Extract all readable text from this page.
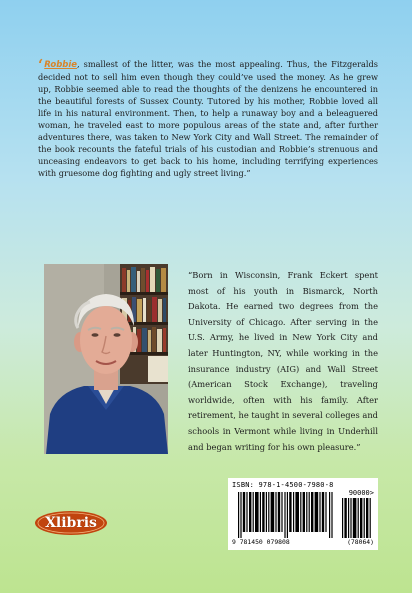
‘Robbie, smallest of the litter, was the most appealing. Thus, the Fitzgeralds decided not to sell him even though they could’ve used the money. As he grew up, Robbie seemed able to read the thoughts of the denizens he encountered in the beautiful forests of Sussex County. Tutored by his mother, Robbie loved all life in his natural environment. Then, to help a runaway boy and a beleaguered woman, he traveled east to more populous areas of the state and, after further adventures there, was taken to New York City and Wall Street. The remainder of the book recounts the fateful trials of his custodian and Robbie’s strenuous and unceasing endeavors to get back to his home, including terrifying experiences with gruesome dog fighting and ugly street living.”
“Born in Wisconsin, Frank Eckert spent most of his youth in Bismarck, North Dakota. He earned two degrees from the University of Chicago. After serving in the U.S. Army, he lived in New York City and later Huntington, NY, while working in the insurance industry (AIG) and Wall Street (American Stock Exchange), traveling worldwide, often with his family. After retirement, he taught in several colleges and schools in Vermont while living in Underhill and began writing for his own pleasure.”
Xlibris
ISBN: 978-1-4500-7980-8
90000>
9 781450 079808	(78064)
